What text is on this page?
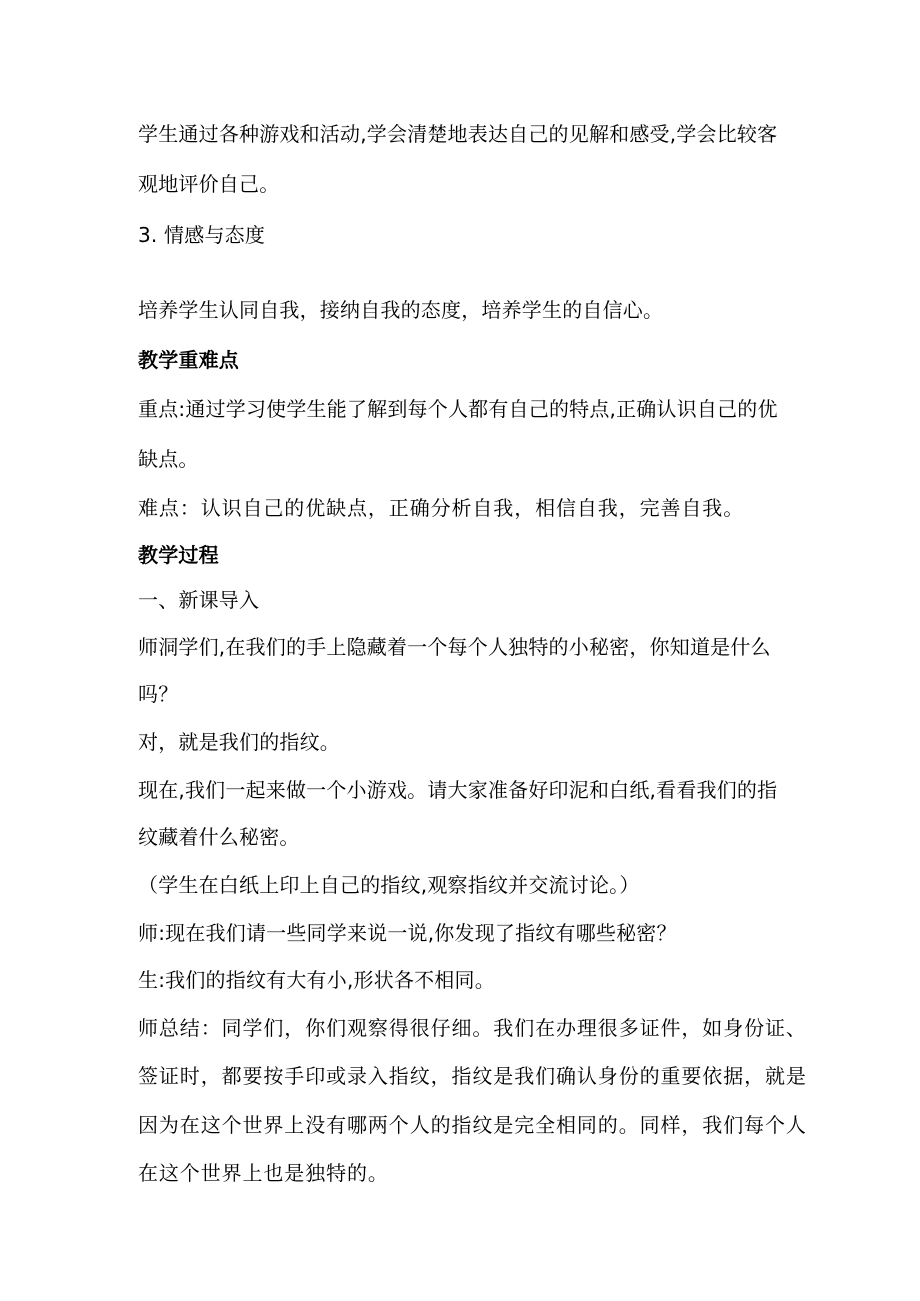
学生通过各种游戏和活动,学会清楚地表达自己的见解和感受,学会比较客
观地评价自己。
3. 情感与态度
培养学生认同自我，接纳自我的态度，培养学生的自信心。
教学重难点
重点:通过学习使学生能了解到每个人都有自己的特点,正确认识自己的优
缺点。
难点：认识自己的优缺点，正确分析自我，相信自我，完善自我。
教学过程
一、新课导入
师洞学们,在我们的手上隐藏着一个每个人独特的小秘密，你知道是什么
吗？
对，就是我们的指纹。
现在,我们一起来做一个小游戏。请大家准备好印泥和白纸,看看我们的指
纹藏着什么秘密。
（学生在白纸上印上自己的指纹,观察指纹并交流讨论。）
师:现在我们请一些同学来说一说,你发现了指纹有哪些秘密？
生:我们的指纹有大有小,形状各不相同。
师总结：同学们，你们观察得很仔细。我们在办理很多证件，如身份证、
签证时，都要按手印或录入指纹，指纹是我们确认身份的重要依据，就是
因为在这个世界上没有哪两个人的指纹是完全相同的。同样，我们每个人
在这个世界上也是独特的。
